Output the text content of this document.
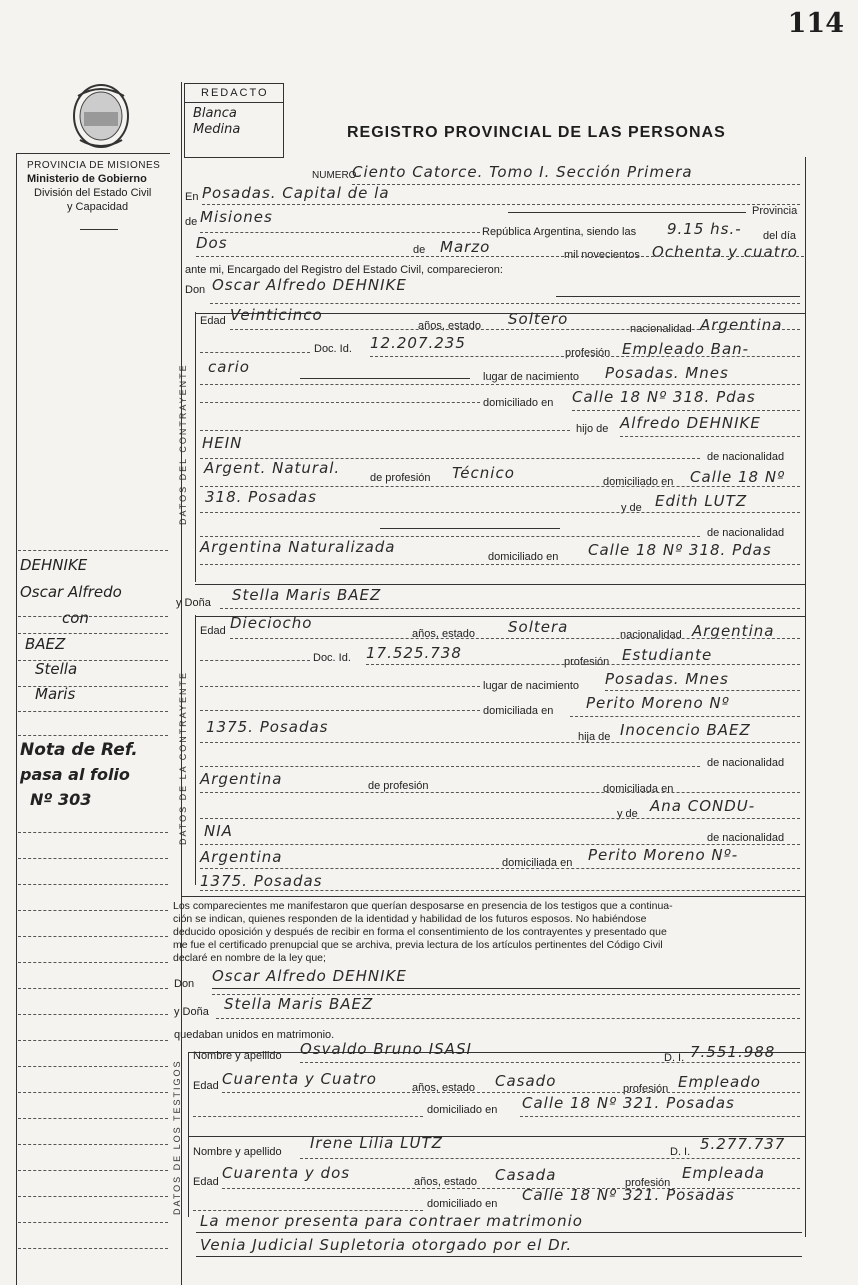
114
PROVINCIA DE MISIONES
Ministerio de Gobierno
División del Estado Civil
y Capacidad
REDACTO
Blanca Medina	REGISTRO PROVINCIAL DE LAS PERSONAS
DEHNIKE
Oscar Alfredo
con
BAEZ
Stella
Maris
Nota de Ref.
pasa al folio
Nº 303
DATOS DEL CONTRAYENTE
DATOS DE LA CONTRAYENTE
DATOS DE LOS TESTIGOS
NUMERO
Ciento Catorce. Tomo I. Sección Primera
En Posadas. Capital de la
de Misiones	Provincia
República Argentina, siendo las 9.15 hs.- del día
Dos	de Marzo	mil novecientos Ochenta y cuatro
ante mi, Encargado del Registro del Estado Civil, comparecieron:
Don Oscar Alfredo DEHNIKE
Edad Veinticinco
años, estado Soltero
nacionalidad Argentina
Doc. Id. 12.207.235
profesión Empleado Ban-
cario
lugar de nacimiento Posadas. Mnes
domiciliado en Calle 18 Nº 318. Pdas
hijo de Alfredo DEHNIKE
HEIN
de nacionalidad
Argent. Natural.
de profesión Técnico	domiciliado en Calle 18 Nº
318. Posadas
y de Edith LUTZ
de nacionalidad
Argentina Naturalizada
domiciliado en Calle 18 Nº 318. Pdas
y Doña Stella Maris BAEZ
Edad Dieciocho
años, estado Soltera	nacionalidad Argentina
Doc. Id. 17.525.738	profesión Estudiante
lugar de nacimiento Posadas. Mnes
domiciliada en Perito Moreno Nº
1375. Posadas
hija de Inocencio BAEZ
de nacionalidad
Argentina	de profesión	domiciliada en
y de Ana CONDU-
NIA	de nacionalidad
Argentina	domiciliada en Perito Moreno Nº-
1375. Posadas
Los comparecientes me manifestaron que querían desposarse en presencia de los testigos que a continua-
ción se indican, quienes responden de la identidad y habilidad de los futuros esposos. No habiéndose
deducido oposición y después de recibir en forma el consentimiento de los contrayentes y presentado que
me fue el certificado prenupcial que se archiva, previa lectura de los artículos pertinentes del Código Civil
declaré en nombre de la ley que;
Don Oscar Alfredo DEHNIKE
y Doña Stella Maris BAEZ
quedaban unidos en matrimonio.
Nombre y apellido Osvaldo Bruno ISASI	D. I. 7.551.988
Edad Cuarenta y Cuatro	años, estado Casado	profesión Empleado
domiciliado en Calle 18 Nº 321. Posadas
Nombre y apellido Irene Lilia LUTZ	D. I. 5.277.737
Edad Cuarenta y dos	años, estado Casada	profesión
Empleada
domiciliado en Calle 18 Nº 321. Posadas
La menor presenta para contraer matrimonio
Venia Judicial Supletoria otorgado por el Dr.
